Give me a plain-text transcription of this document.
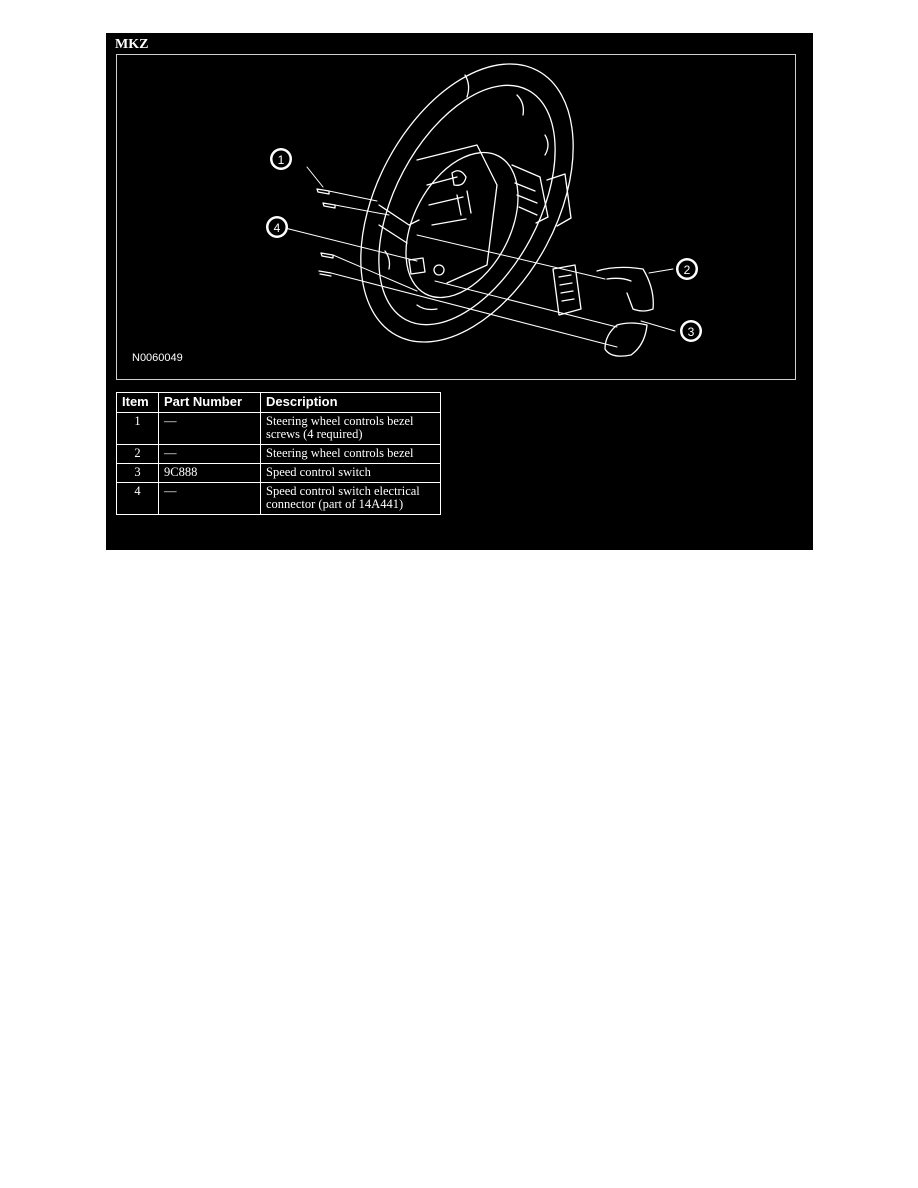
MKZ
1
2
3
4
N0060049
Item	Part Number	Description
1	—	Steering wheel controls bezel screws (4 required)
2	—	Steering wheel controls bezel
3	9C888	Speed control switch
4	—	Speed control switch electrical connector (part of 14A441)
